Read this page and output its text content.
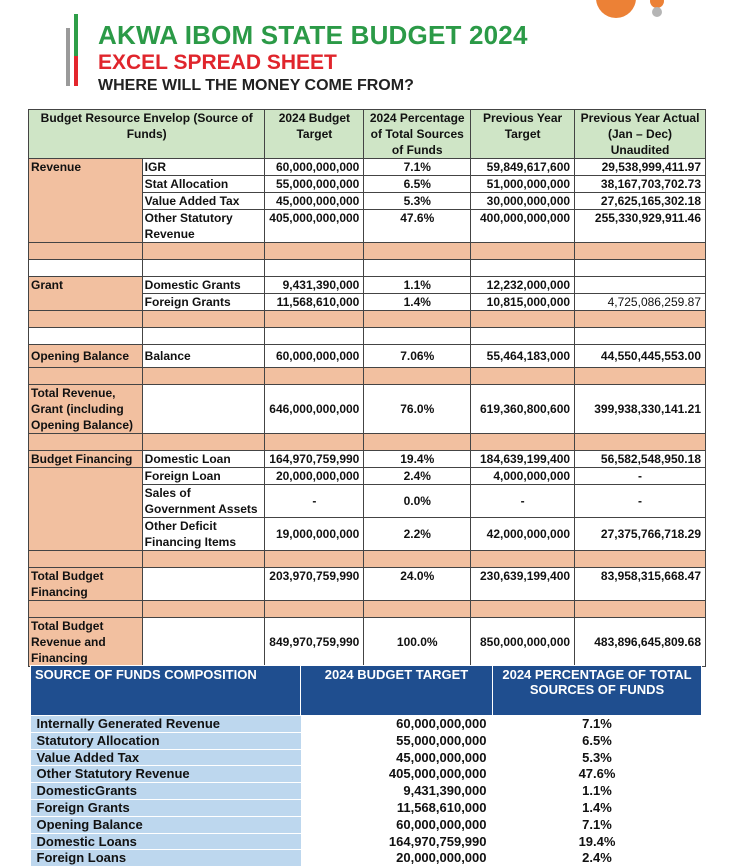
AKWA IBOM STATE BUDGET 2024
EXCEL SPREAD SHEET
WHERE WILL THE MONEY COME FROM?
Budget Resource Envelop (Source of Funds)		2024 Budget Target	2024 Percentage of Total Sources of Funds	Previous Year Target	Previous Year Actual (Jan – Dec) Unaudited
Revenue	IGR	60,000,000,000	7.1%	59,849,617,600	29,538,999,411.97
	Stat Allocation	55,000,000,000	6.5%	51,000,000,000	38,167,703,702.73
	Value Added Tax	45,000,000,000	5.3%	30,000,000,000	27,625,165,302.18
	Other Statutory Revenue	405,000,000,000	47.6%	400,000,000,000	255,330,929,911.46

Grant	Domestic Grants	9,431,390,000	1.1%	12,232,000,000	
	Foreign Grants	11,568,610,000	1.4%	10,815,000,000	4,725,086,259.87

Opening Balance	Balance	60,000,000,000	7.06%	55,464,183,000	44,550,445,553.00

Total Revenue, Grant (including Opening Balance)		646,000,000,000	76.0%	619,360,800,600	399,938,330,141.21

Budget Financing	Domestic Loan	164,970,759,990	19.4%	184,639,199,400	56,582,548,950.18
	Foreign Loan	20,000,000,000	2.4%	4,000,000,000	-
	Sales of Government Assets	-	0.0%	-	-
	Other Deficit Financing Items	19,000,000,000	2.2%	42,000,000,000	27,375,766,718.29

Total Budget Financing		203,970,759,990	24.0%	230,639,199,400	83,958,315,668.47

Total Budget Revenue and Financing		849,970,759,990	100.0%	850,000,000,000	483,896,645,809.68
SOURCE OF FUNDS COMPOSITION	2024 BUDGET TARGET	2024 PERCENTAGE OF TOTAL SOURCES OF FUNDS
Internally Generated Revenue	60,000,000,000	7.1%
Statutory Allocation	55,000,000,000	6.5%
Value Added Tax	45,000,000,000	5.3%
Other Statutory Revenue	405,000,000,000	47.6%
DomesticGrants	9,431,390,000	1.1%
Foreign Grants	11,568,610,000	1.4%
Opening Balance	60,000,000,000	7.1%
Domestic Loans	164,970,759,990	19.4%
Foreign Loans	20,000,000,000	2.4%
